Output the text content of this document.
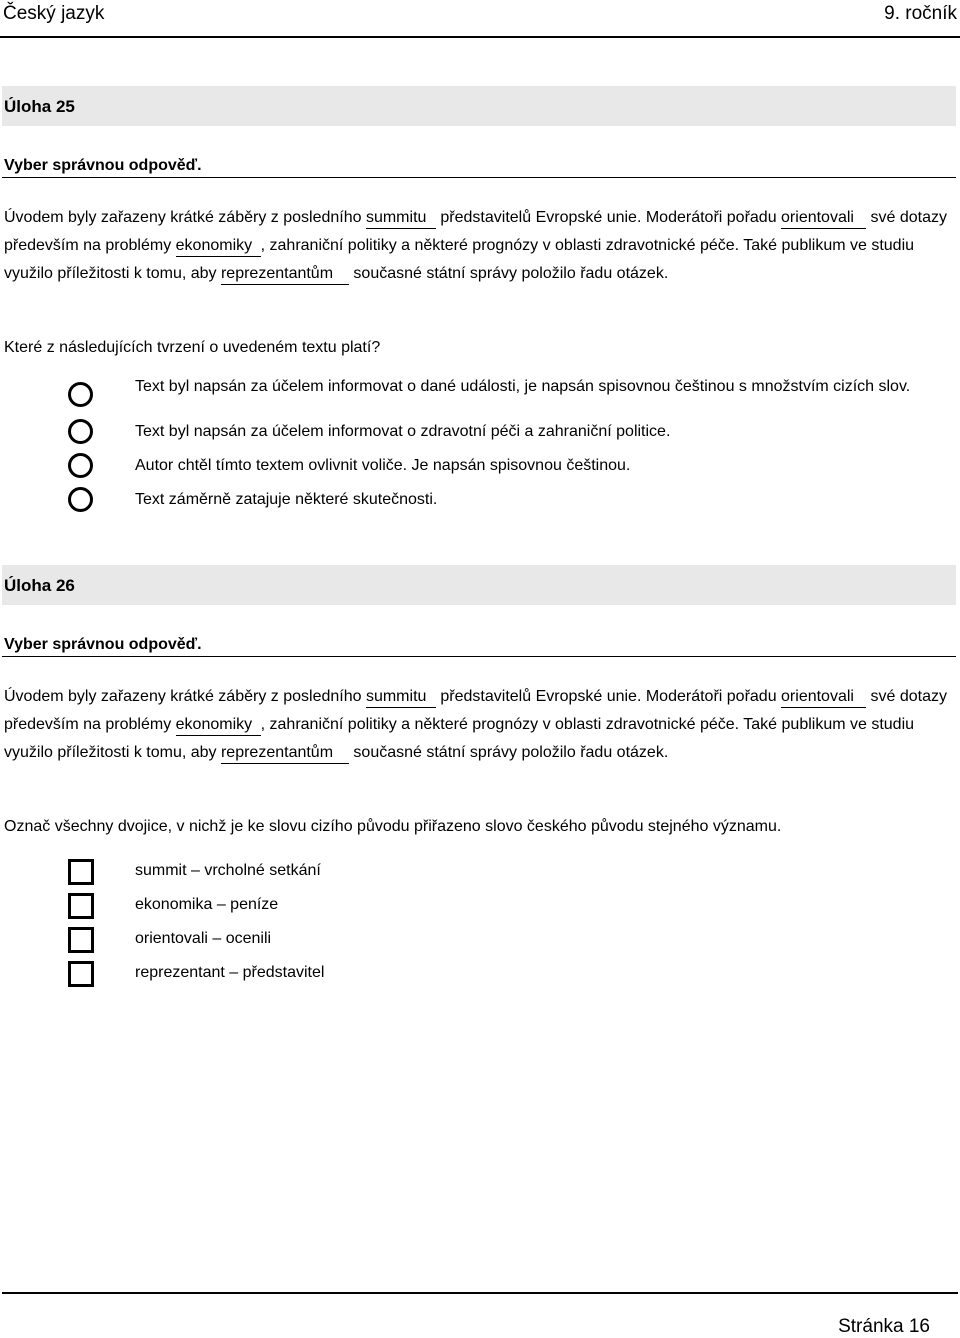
Český jazyk	9. ročník
Úloha 25
Vyber správnou odpověď.
Úvodem byly zařazeny krátké záběry z posledního summitu představitelů Evropské unie. Moderátoři pořadu orientovali své dotazy především na problémy ekonomiky , zahraniční politiky a některé prognózy v oblasti zdravotnické péče. Také publikum ve studiu využilo příležitosti k tomu, aby reprezentantům současné státní správy položilo řadu otázek.
Které z následujících tvrzení o uvedeném textu platí?
Text byl napsán za účelem informovat o dané události, je napsán spisovnou češtinou s množstvím cizích slov.
Text byl napsán za účelem informovat o zdravotní péči a zahraniční politice.
Autor chtěl tímto textem ovlivnit voliče. Je napsán spisovnou češtinou.
Text záměrně zatajuje některé skutečnosti.
Úloha 26
Vyber správnou odpověď.
Úvodem byly zařazeny krátké záběry z posledního summitu představitelů Evropské unie. Moderátoři pořadu orientovali své dotazy především na problémy ekonomiky , zahraniční politiky a některé prognózy v oblasti zdravotnické péče. Také publikum ve studiu využilo příležitosti k tomu, aby reprezentantům současné státní správy položilo řadu otázek.
Označ všechny dvojice, v nichž je ke slovu cizího původu přiřazeno slovo českého původu stejného významu.
summit – vrcholné setkání
ekonomika – peníze
orientovali – ocenili
reprezentant – představitel
Stránka 16
